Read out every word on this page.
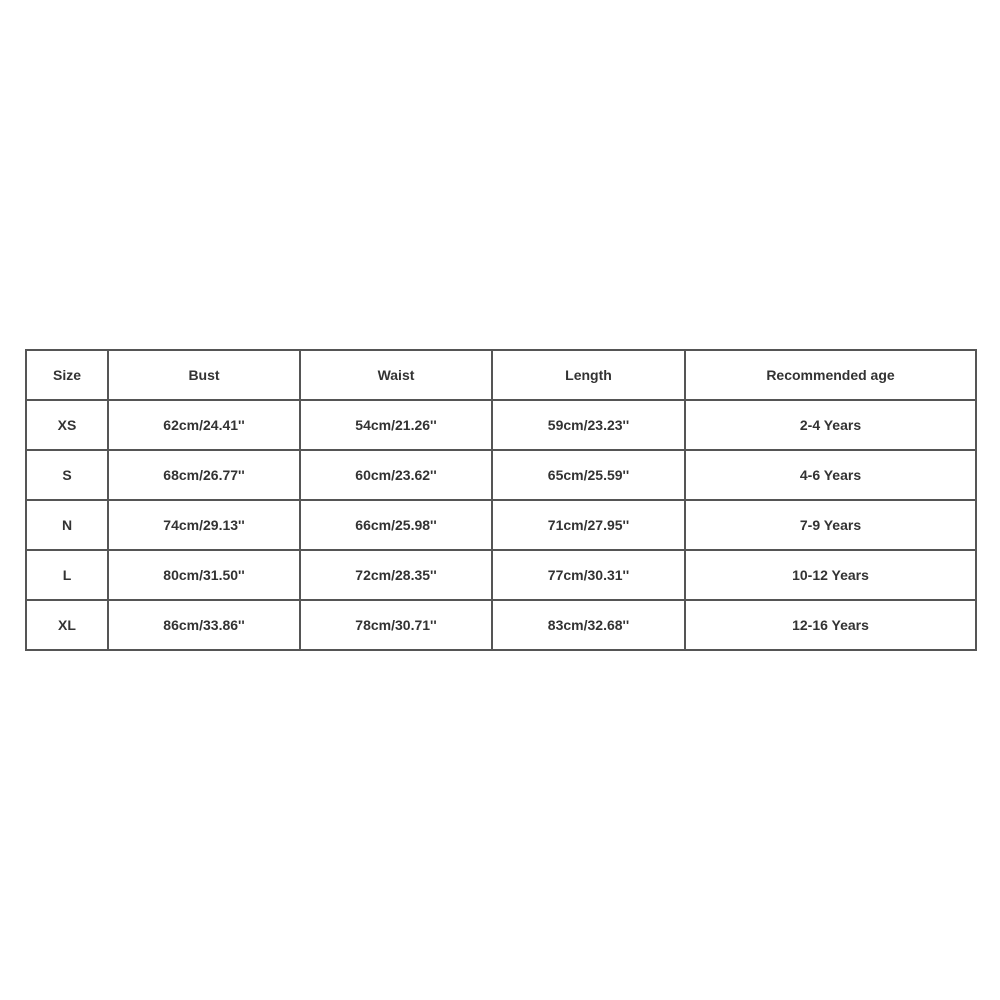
Size	Bust	Waist	Length	Recommended age
XS	62cm/24.41''	54cm/21.26''	59cm/23.23''	2-4 Years
S	68cm/26.77''	60cm/23.62''	65cm/25.59''	4-6 Years
N	74cm/29.13''	66cm/25.98''	71cm/27.95''	7-9 Years
L	80cm/31.50''	72cm/28.35''	77cm/30.31''	10-12 Years
XL	86cm/33.86''	78cm/30.71''	83cm/32.68''	12-16 Years
